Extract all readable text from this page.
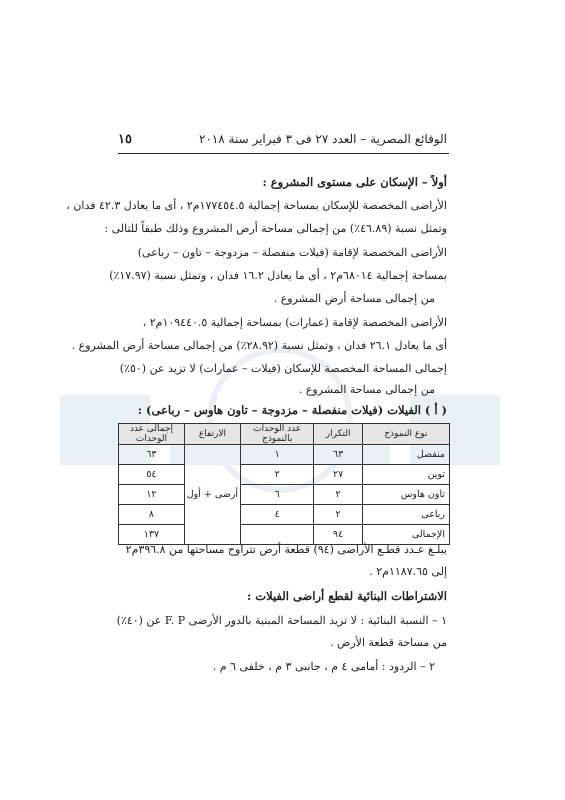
الوقائع المصرية – العدد ٢٧ فى ٣ فبراير سنة ٢٠١٨
١٥
أولاً – الإسكان على مستوى المشروع :
الأراضى المخصصة للإسكان بمساحة إجمالية ١٧٧٤٥٤.٥م٢ ، أى ما يعادل ٤٢.٣ فدان ،
وتمثل نسبة (٤٦.٨٩٪) من إجمالى مساحة أرض المشروع وذلك طبقاً للتالى :
الأراضى المخصصة لإقامة (فيلات منفصلة – مزدوجة – تاون – رباعى)
بمساحة إجمالية ٦٨٠١٤م٢ ، أى ما يعادل ١٦.٢ فدان ، وتمثل نسبة (١٧.٩٧٪)
من إجمالى مساحة أرض المشروع .
الأراضى المخصصة لإقامة (عمارات) بمساحة إجمالية ١٠٩٤٤٠.٥م٢ ،
أى ما يعادل ٢٦.١ فدان ، وتمثل نسبة (٢٨.٩٢٪) من إجمالى مساحة أرض المشروع .
إجمالى المساحة المخصصة للإسكان (فيلات – عمارات) لا تزيد عن (٥٠٪)
من إجمالى مساحة المشروع .
( أ ) الفيلات (فيلات منفصلة – مزدوجة – تاون هاوس – رباعى) :
نوع النموذج	التكرار	عدد الوحدات بالنموذج	الارتفاع	إجمالى عدد الوحدات
منفصل	٦٣	١	أرضى + أول	٦٣
توين	٢٧	٢		٥٤
تاون هاوس	٢	٦		١٢
رباعى	٢	٤		٨
الإجمالى	٩٤			١٣٧
يبلـغ عـدد قطـع الأراضى (٩٤) قطعة أرض تتراوح مساحتها من ٣٩٦.٨م٢
إلى ١١٨٧.٦٥م٢ .
الاشتراطات البنائية لقطع أراضى الفيلات :
١ – النسبة البنائية : لا تزيد المساحة المبنية بالدور الأرضى F. P عن (٤٠٪)
من مساحة قطعة الأرض .
٢ – الردود : أمامى ٤ م ، جانبى ٣ م ، خلفى ٦ م .
